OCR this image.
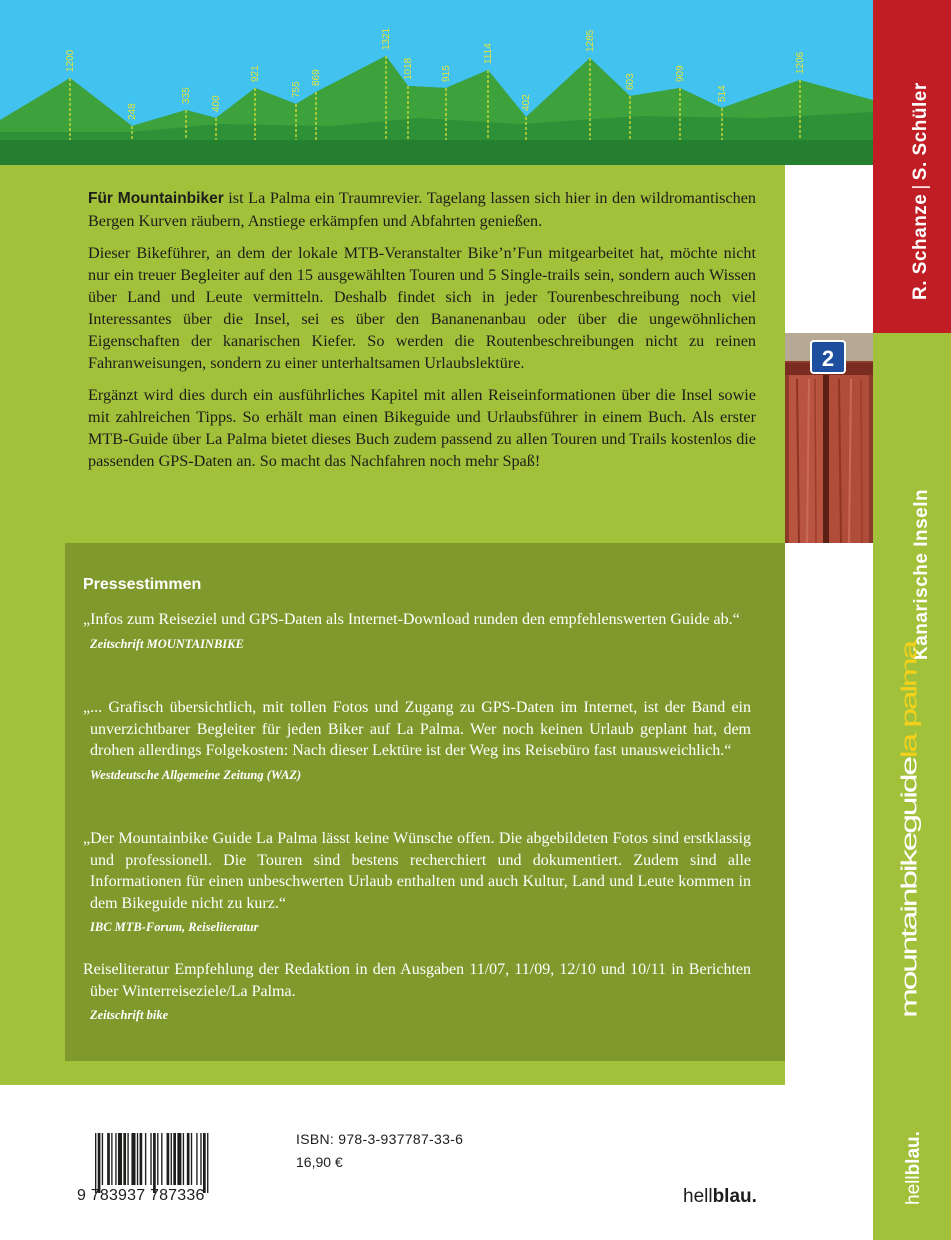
1200
248
335 400
921
755
869
1321
1018	915
1114
402
1285
603	909
514
1206

Für Mountainbiker ist La Palma ein Traumrevier. Tagelang lassen sich hier in den wildromantischen Bergen Kurven räubern, Anstiege erkämpfen und Abfahrten genießen.

Dieser Bikeführer, an dem der lokale MTB-Veranstalter Bike’n’Fun mitgearbeitet hat, möchte nicht nur ein treuer Begleiter auf den 15 ausgewählten Touren und 5 Single-trails sein, sondern auch Wissen über Land und Leute vermitteln. Deshalb findet sich in jeder Tourenbeschreibung noch viel Interessantes über die Insel, sei es über den Bananenanbau oder über die ungewöhnlichen Eigenschaften der kanarischen Kiefer. So werden die Routenbeschreibungen nicht zu reinen Fahranweisungen, sondern zu einer unterhaltsamen Urlaubslektüre.

Ergänzt wird dies durch ein ausführliches Kapitel mit allen Reiseinformationen über die Insel sowie mit zahlreichen Tipps. So erhält man einen Bikeguide und Urlaubsführer in einem Buch. Als erster MTB-Guide über La Palma bietet dieses Buch zudem passend zu allen Touren und Trails kostenlos die passenden GPS-Daten an. So macht das Nachfahren noch mehr Spaß!

Pressestimmen
„Infos zum Reiseziel und GPS-Daten als Internet-Download runden den empfehlenswerten Guide ab.“
Zeitschrift MOUNTAINBIKE
„... Grafisch übersichtlich, mit tollen Fotos und Zugang zu GPS-Daten im Internet, ist der Band ein unverzichtbarer Begleiter für jeden Biker auf La Palma. Wer noch keinen Urlaub geplant hat, dem drohen allerdings Folgekosten: Nach dieser Lektüre ist der Weg ins Reisebüro fast unausweichlich.“
Westdeutsche Allgemeine Zeitung (WAZ)
„Der Mountainbike Guide La Palma lässt keine Wünsche offen. Die abgebildeten Fotos sind erstklassig und professionell. Die Touren sind bestens recherchiert und dokumentiert. Zudem sind alle Informationen für einen unbeschwerten Urlaub enthalten und auch Kultur, Land und Leute kommen in dem Bikeguide nicht zu kurz.“
IBC MTB-Forum, Reiseliteratur
Reiseliteratur Empfehlung der Redaktion in den Ausgaben 11/07, 11/09, 12/10 und 10/11 in Berichten über Winterreiseziele/La Palma.
Zeitschrift bike
2
R. Schanze|S. Schüler
Kanarische Inseln
mountainbikeguidela palma
hellblau.
9 783937 787336
ISBN: 978-3-937787-33-6
16,90 €
hellblau.
